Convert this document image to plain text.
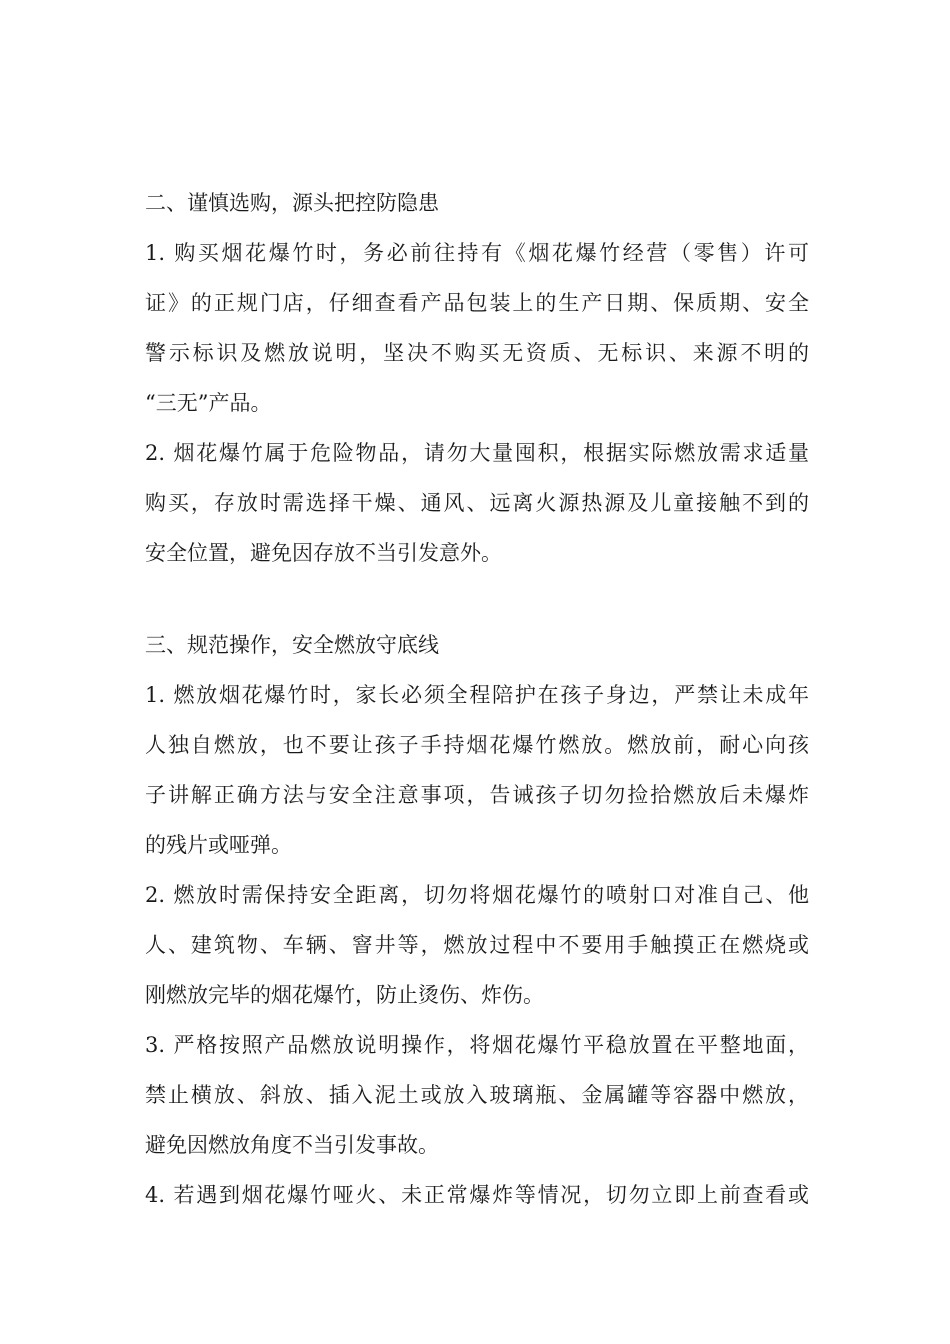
二、谨慎选购，源头把控防隐患
1. 购买烟花爆竹时，务必前往持有《烟花爆竹经营（零售）许可
证》的正规门店，仔细查看产品包装上的生产日期、保质期、安全
警示标识及燃放说明，坚决不购买无资质、无标识、来源不明的
“三无”产品。
2. 烟花爆竹属于危险物品，请勿大量囤积，根据实际燃放需求适量
购买，存放时需选择干燥、通风、远离火源热源及儿童接触不到的
安全位置，避免因存放不当引发意外。
三、规范操作，安全燃放守底线
1. 燃放烟花爆竹时，家长必须全程陪护在孩子身边，严禁让未成年
人独自燃放，也不要让孩子手持烟花爆竹燃放。燃放前，耐心向孩
子讲解正确方法与安全注意事项，告诫孩子切勿捡拾燃放后未爆炸
的残片或哑弹。
2. 燃放时需保持安全距离，切勿将烟花爆竹的喷射口对准自己、他
人、建筑物、车辆、窨井等，燃放过程中不要用手触摸正在燃烧或
刚燃放完毕的烟花爆竹，防止烫伤、炸伤。
3. 严格按照产品燃放说明操作，将烟花爆竹平稳放置在平整地面，
禁止横放、斜放、插入泥土或放入玻璃瓶、金属罐等容器中燃放，
避免因燃放角度不当引发事故。
4. 若遇到烟花爆竹哑火、未正常爆炸等情况，切勿立即上前查看或
